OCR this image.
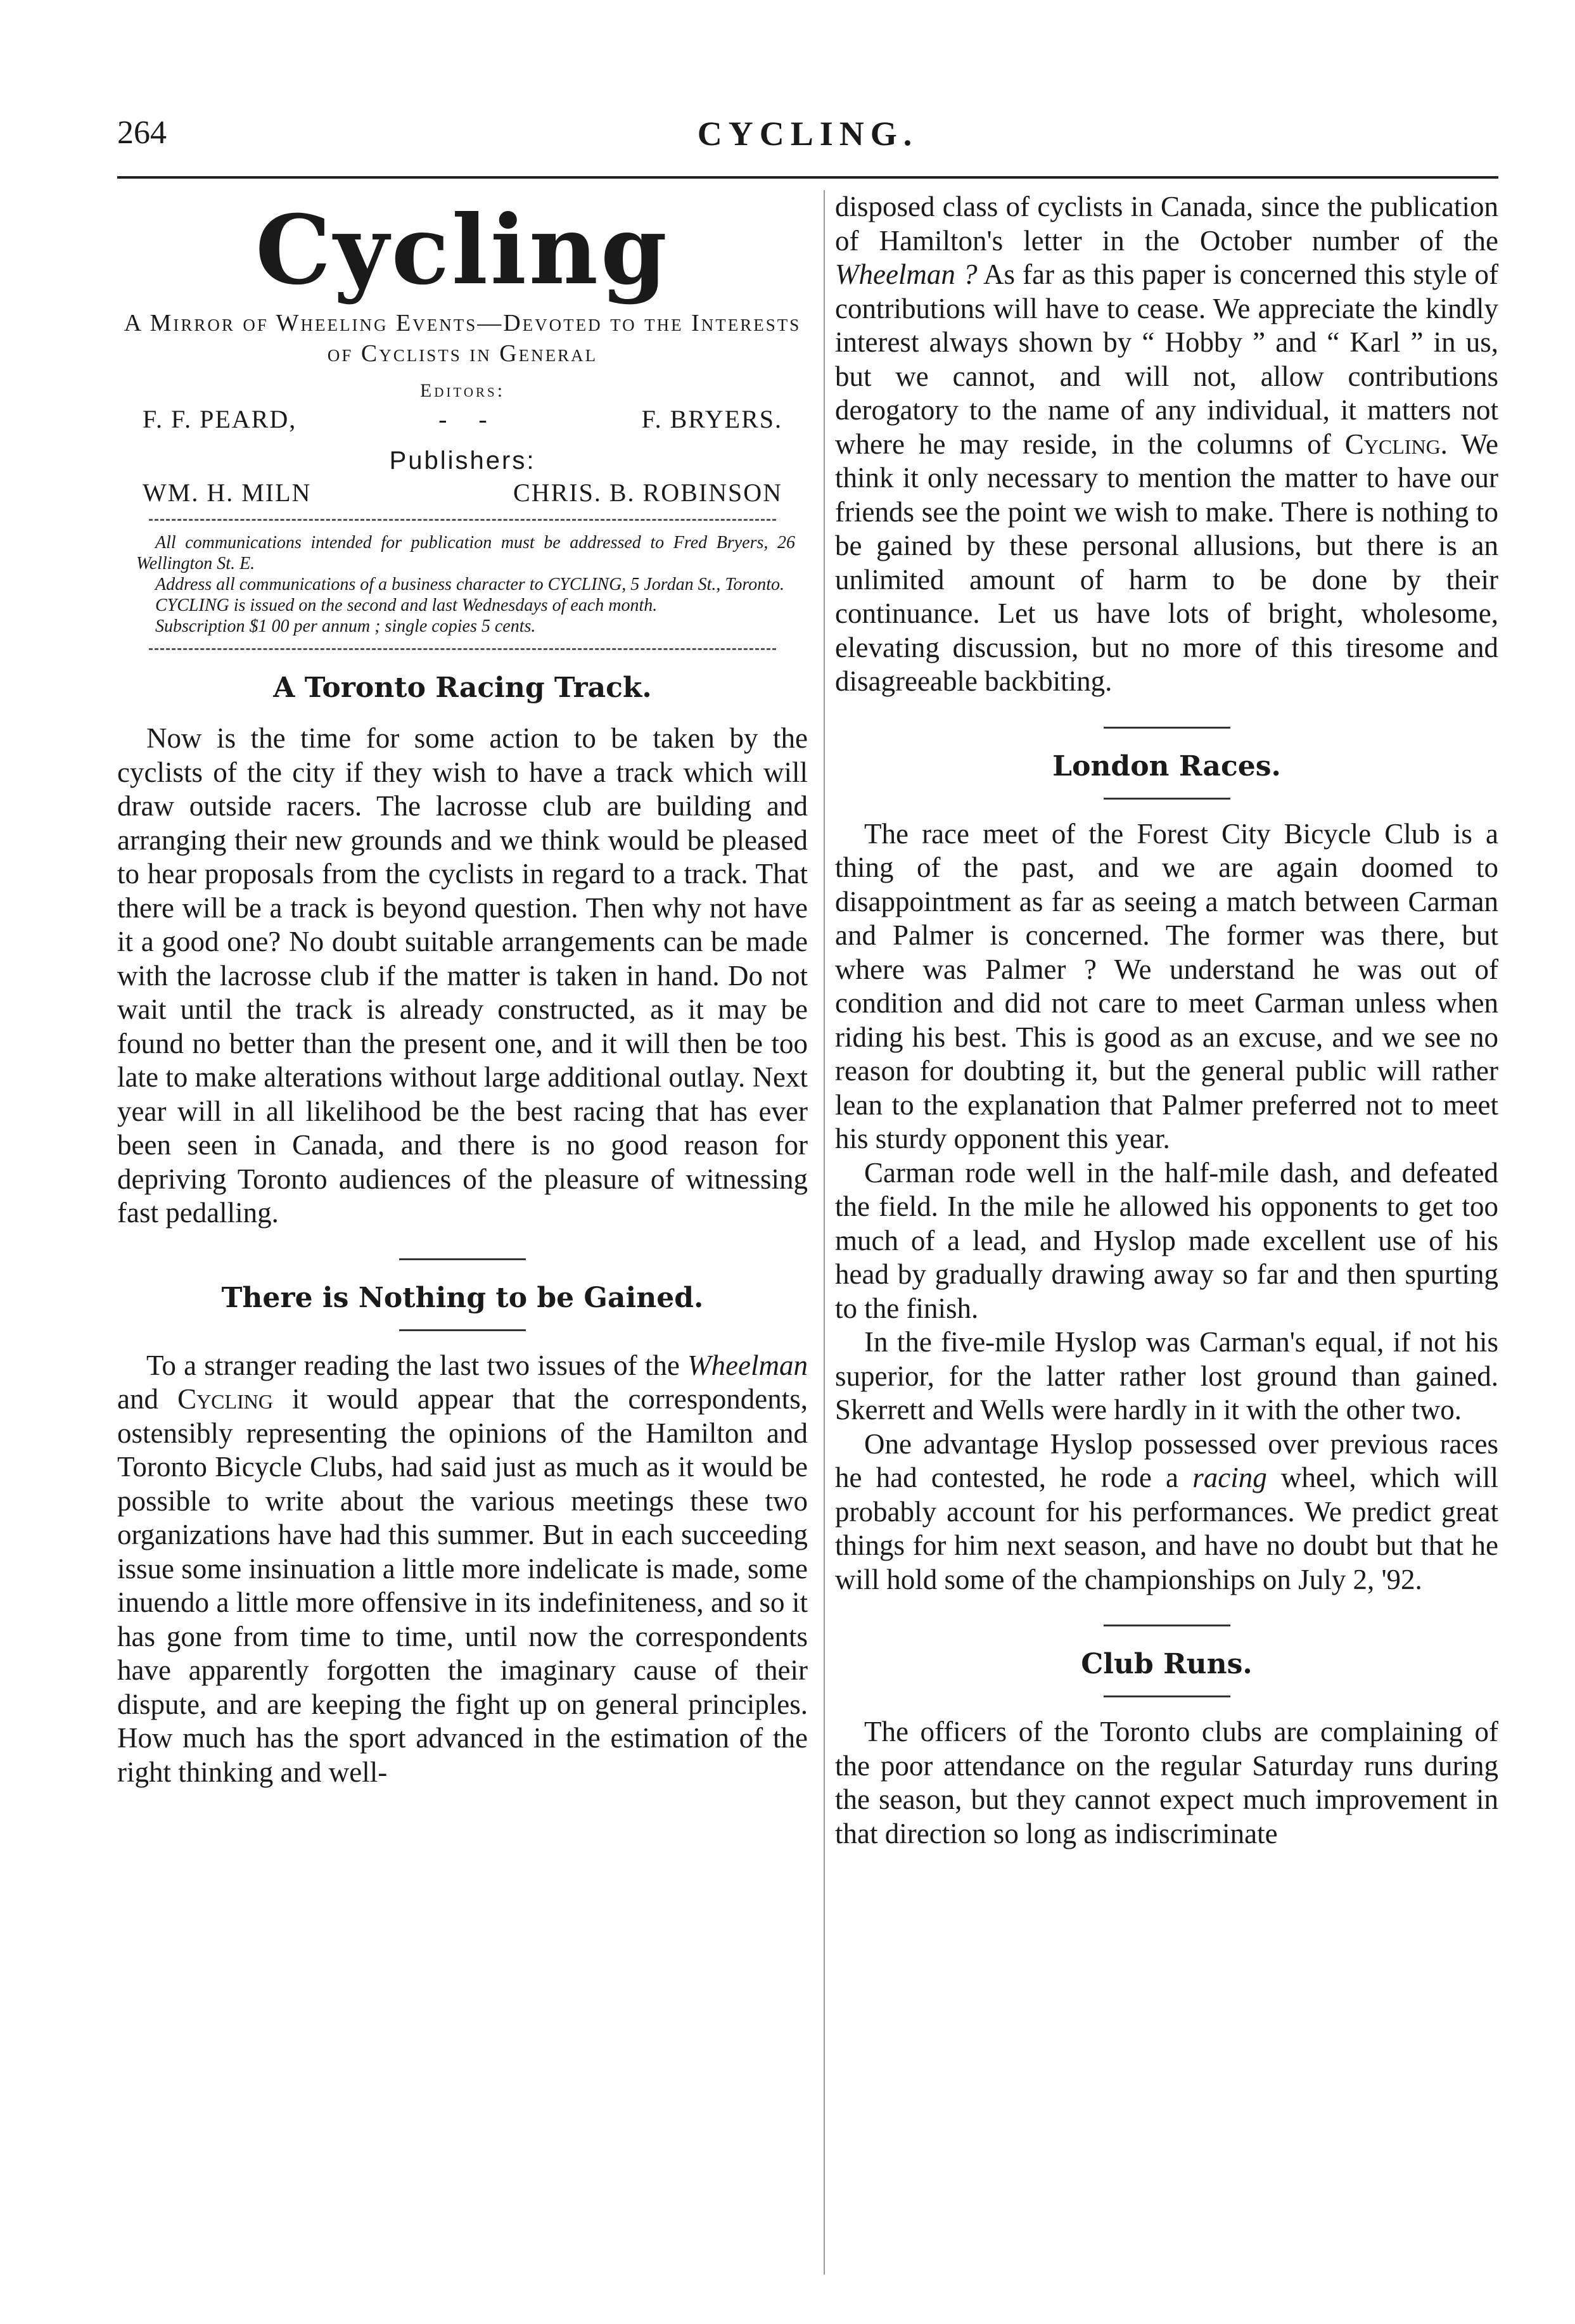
CYCLING.
264
Cycling
A Mirror of Wheeling Events—Devoted to the Interests of Cyclists in General
Editors:
F. F. PEARD,	- -	F. BRYERS.
Publishers:
WM. H. MILN	CHRIS. B. ROBINSON

All communications intended for publication must be addressed to Fred Bryers, 26 Wellington St. E.

Address all communications of a business character to CYCLING, 5 Jordan St., Toronto.

CYCLING is issued on the second and last Wednesdays of each month.

Subscription $1 00 per annum ; single copies 5 cents.

A Toronto Racing Track.

Now is the time for some action to be taken by the cyclists of the city if they wish to have a track which will draw outside racers. The lacrosse club are building and arranging their new grounds and we think would be pleased to hear proposals from the cyclists in regard to a track. That there will be a track is beyond question. Then why not have it a good one? No doubt suitable arrangements can be made with the lacrosse club if the matter is taken in hand. Do not wait until the track is already constructed, as it may be found no better than the present one, and it will then be too late to make alterations without large additional outlay. Next year will in all likelihood be the best racing that has ever been seen in Canada, and there is no good reason for depriving Toronto audiences of the pleasure of witnessing fast pedalling.

There is Nothing to be Gained.

To a stranger reading the last two issues of the Wheelman and Cycling it would appear that the correspondents, ostensibly representing the opinions of the Hamilton and Toronto Bicycle Clubs, had said just as much as it would be possible to write about the various meetings these two organizations have had this summer. But in each succeeding issue some insinuation a little more indelicate is made, some inuendo a little more offensive in its indefiniteness, and so it has gone from time to time, until now the correspondents have apparently forgotten the imaginary cause of their dispute, and are keeping the fight up on general principles. How much has the sport advanced in the estimation of the right thinking and well-

disposed class of cyclists in Canada, since the publication of Hamilton's letter in the October number of the Wheelman ? As far as this paper is concerned this style of contributions will have to cease. We appreciate the kindly interest always shown by “ Hobby ” and “ Karl ” in us, but we cannot, and will not, allow contributions derogatory to the name of any individual, it matters not where he may reside, in the columns of Cycling. We think it only necessary to mention the matter to have our friends see the point we wish to make. There is nothing to be gained by these personal allusions, but there is an unlimited amount of harm to be done by their continuance. Let us have lots of bright, wholesome, elevating discussion, but no more of this tiresome and disagreeable backbiting.

London Races.

The race meet of the Forest City Bicycle Club is a thing of the past, and we are again doomed to disappointment as far as seeing a match between Carman and Palmer is concerned. The former was there, but where was Palmer ? We understand he was out of condition and did not care to meet Carman unless when riding his best. This is good as an excuse, and we see no reason for doubting it, but the general public will rather lean to the explanation that Palmer preferred not to meet his sturdy opponent this year.

Carman rode well in the half-mile dash, and defeated the field. In the mile he allowed his opponents to get too much of a lead, and Hyslop made excellent use of his head by gradually drawing away so far and then spurting to the finish.

In the five-mile Hyslop was Carman's equal, if not his superior, for the latter rather lost ground than gained. Skerrett and Wells were hardly in it with the other two.

One advantage Hyslop possessed over previous races he had contested, he rode a racing wheel, which will probably account for his performances. We predict great things for him next season, and have no doubt but that he will hold some of the championships on July 2, '92.

Club Runs.

The officers of the Toronto clubs are complaining of the poor attendance on the regular Saturday runs during the season, but they cannot expect much improvement in that direction so long as indiscriminate
